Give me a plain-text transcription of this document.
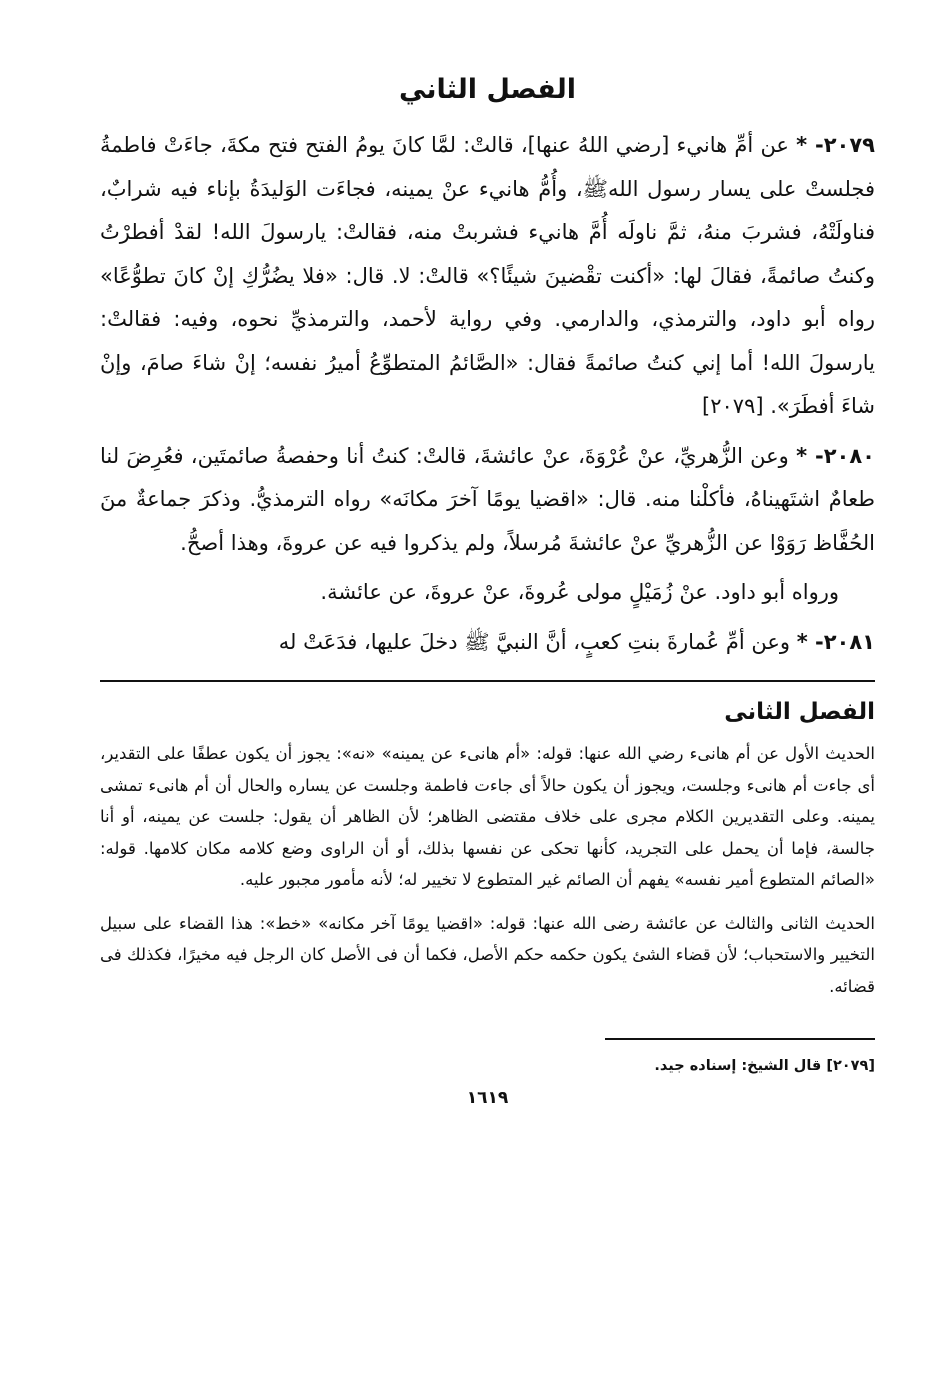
الفصل الثاني

٢٠٧٩- * عن أمِّ هانيء [رضي اللهُ عنها]، قالتْ: لمَّا كانَ يومُ الفتح فتح مكةَ، جاءَتْ فاطمةُ فجلستْ على يسار رسول اللهﷺ، وأُمُّ هانيء عنْ يمينه، فجاءَت الوَليدَةُ بإناء فيه شرابٌ، فناولَتْهُ، فشربَ منهُ، ثمَّ ناولَه أُمَّ هانيء فشربتْ منه، فقالتْ: يارسولَ الله! لقدْ أفطرْتُ وكنتُ صائمةً، فقالَ لها: «أكنت تقْضينَ شيئًا؟» قالتْ: لا. قال: «فلا يضُرُّكِ إنْ كانَ تطوُّعًا» رواه أبو داود، والترمذي، والدارمي. وفي رواية لأحمد، والترمذيِّ نحوه، وفيه: فقالتْ: يارسولَ الله! أما إني كنتُ صائمةً فقال: «الصَّائمُ المتطوِّعُ أميرُ نفسه؛ إنْ شاءَ صامَ، وإنْ شاءَ أفطَرَ». [٢٠٧٩]

٢٠٨٠- * وعن الزُّهريِّ، عنْ عُرْوَةَ، عنْ عائشةَ، قالتْ: كنتُ أنا وحفصةُ صائمتَين، فعُرِضَ لنا طعامٌ اشتَهيناهُ، فأكلْنا منه. قال: «اقضيا يومًا آخرَ مكانَه» رواه الترمذيُّ. وذكرَ جماعةٌ منَ الحُفَّاظ رَوَوْا عن الزُّهريِّ عنْ عائشةَ مُرسلاً، ولم يذكروا فيه عن عروةَ، وهذا أصحُّ.

ورواه أبو داود. عنْ زُمَيْلٍ مولى عُروةَ، عنْ عروةَ، عن عائشة.

٢٠٨١- * وعن أمِّ عُمارةَ بنتِ كعبٍ، أنَّ النبيَّ ﷺ دخلَ عليها، فدَعَتْ له

الفصل الثانى

الحديث الأول عن أم هانىء رضي الله عنها: قوله: «أم هانىء عن يمينه» «نه»: يجوز أن يكون عطفًا على التقدير، أى جاءت أم هانىء وجلست، ويجوز أن يكون حالاً أى جاءت فاطمة وجلست عن يساره والحال أن أم هانىء تمشى يمينه. وعلى التقديرين الكلام مجرى على خلاف مقتضى الظاهر؛ لأن الظاهر أن يقول: جلست عن يمينه، أو أنا جالسة، فإما أن يحمل على التجريد، كأنها تحكى عن نفسها بذلك، أو أن الراوى وضع كلامه مكان كلامها. قوله: «الصائم المتطوع أمير نفسه» يفهم أن الصائم غير المتطوع لا تخيير له؛ لأنه مأمور مجبور عليه.

الحديث الثانى والثالث عن عائشة رضى الله عنها: قوله: «اقضيا يومًا آخر مكانه» «خط»: هذا القضاء على سبيل التخيير والاستحباب؛ لأن قضاء الشئ يكون حكمه حكم الأصل، فكما أن فى الأصل كان الرجل فيه مخيرًا، فكذلك فى قضائه.

[٢٠٧٩] قال الشيخ: إسناده جيد.
١٦١٩
